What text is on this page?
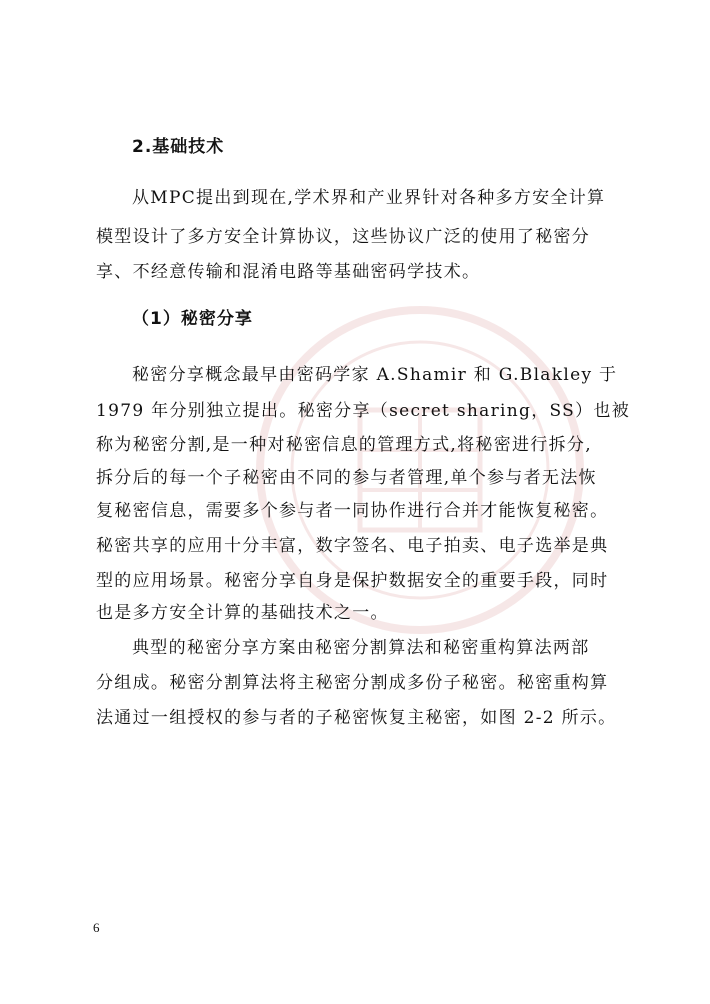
2.基础技术
从MPC提出到现在,学术界和产业界针对各种多方安全计算
模型设计了多方安全计算协议，这些协议广泛的使用了秘密分
享、不经意传输和混淆电路等基础密码学技术。
（1）秘密分享
秘密分享概念最早由密码学家 A.Shamir 和 G.Blakley 于
1979 年分别独立提出。秘密分享（secret sharing，SS）也被
称为秘密分割,是一种对秘密信息的管理方式,将秘密进行拆分,
拆分后的每一个子秘密由不同的参与者管理,单个参与者无法恢
复秘密信息，需要多个参与者一同协作进行合并才能恢复秘密。
秘密共享的应用十分丰富，数字签名、电子拍卖、电子选举是典
型的应用场景。秘密分享自身是保护数据安全的重要手段，同时
也是多方安全计算的基础技术之一。
典型的秘密分享方案由秘密分割算法和秘密重构算法两部
分组成。秘密分割算法将主秘密分割成多份子秘密。秘密重构算
法通过一组授权的参与者的子秘密恢复主秘密，如图 2-2 所示。
6
